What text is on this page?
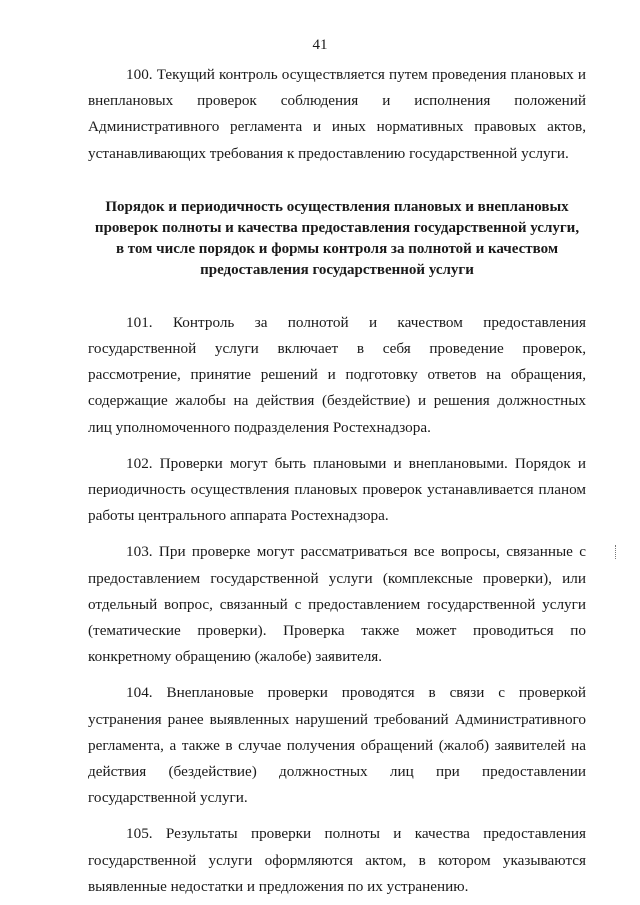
41

100. Текущий контроль осуществляется путем проведения плановых и внеплановых проверок соблюдения и исполнения положений Административного регламента и иных нормативных правовых актов, устанавливающих требования к предоставлению государственной услуги.

Порядок и периодичность осуществления плановых и внеплановых
проверок полноты и качества предоставления государственной услуги,
в том числе порядок и формы контроля за полнотой и качеством
предоставления государственной услуги

101. Контроль за полнотой и качеством предоставления государственной услуги включает в себя проведение проверок, рассмотрение, принятие решений и подготовку ответов на обращения, содержащие жалобы на действия (бездействие) и решения должностных лиц уполномоченного подразделения Ростехнадзора.

102. Проверки могут быть плановыми и внеплановыми. Порядок и периодичность осуществления плановых проверок устанавливается планом работы центрального аппарата Ростехнадзора.

103. При проверке могут рассматриваться все вопросы, связанные с предоставлением государственной услуги (комплексные проверки), или отдельный вопрос, связанный с предоставлением государственной услуги (тематические проверки). Проверка также может проводиться по конкретному обращению (жалобе) заявителя.

104. Внеплановые проверки проводятся в связи с проверкой устранения ранее выявленных нарушений требований Административного регламента, а также в случае получения обращений (жалоб) заявителей на действия (бездействие) должностных лиц при предоставлении государственной услуги.

105. Результаты проверки полноты и качества предоставления государственной услуги оформляются актом, в котором указываются выявленные недостатки и предложения по их устранению.
